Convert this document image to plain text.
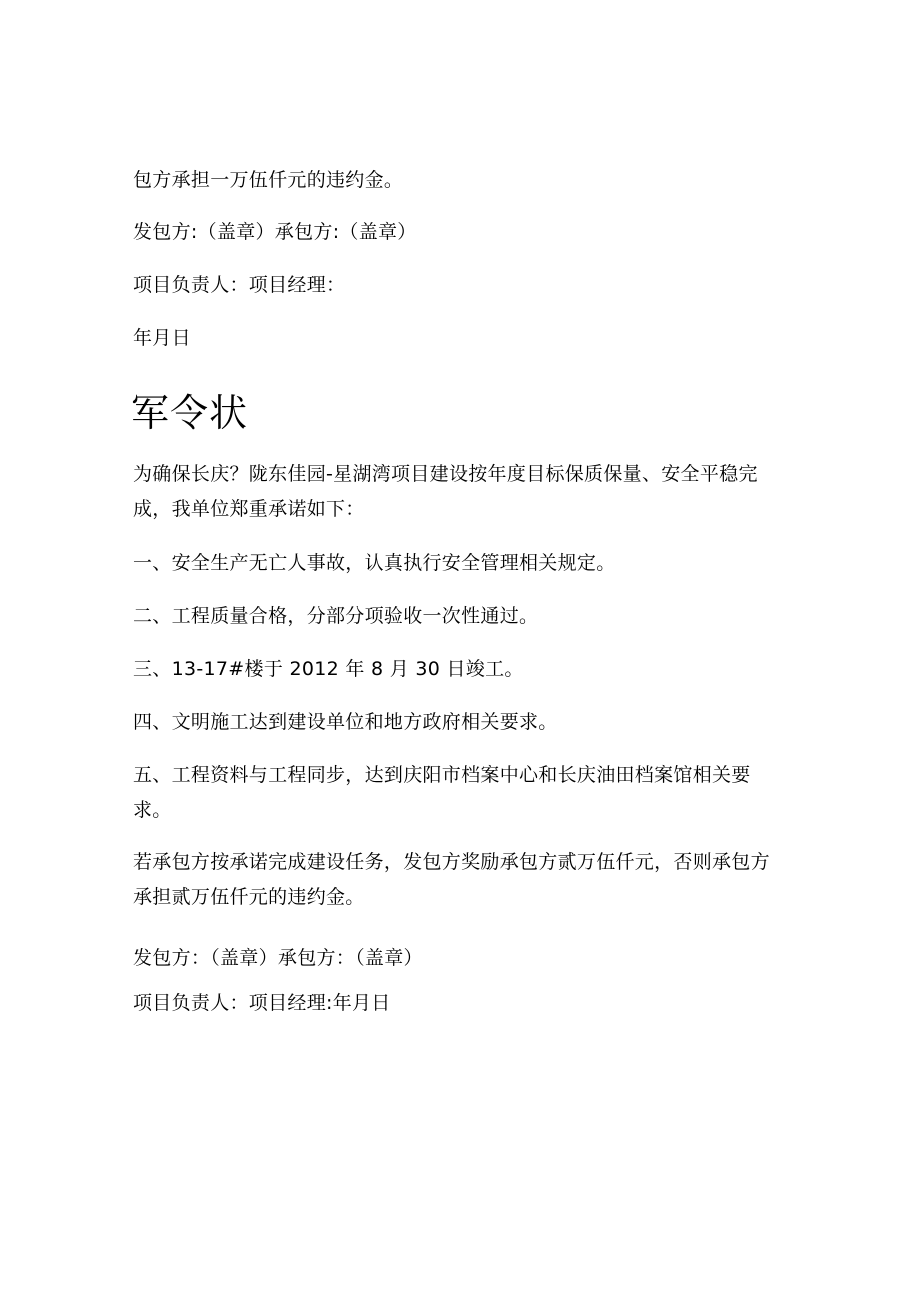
包方承担一万伍仟元的违约金。
发包方:（盖章）承包方:（盖章）
项目负责人：项目经理：
年月日
军令状
为确保长庆？陇东佳园-星湖湾项目建设按年度目标保质保量、安全平稳完成，我单位郑重承诺如下：
一、安全生产无亡人事故，认真执行安全管理相关规定。
二、工程质量合格，分部分项验收一次性通过。
三、13-17#楼于 2012 年 8 月 30 日竣工。
四、文明施工达到建设单位和地方政府相关要求。
五、工程资料与工程同步，达到庆阳市档案中心和长庆油田档案馆相关要求。
若承包方按承诺完成建设任务，发包方奖励承包方贰万伍仟元，否则承包方承担贰万伍仟元的违约金。
发包方：（盖章）承包方：（盖章）
项目负责人：项目经理:年月日
